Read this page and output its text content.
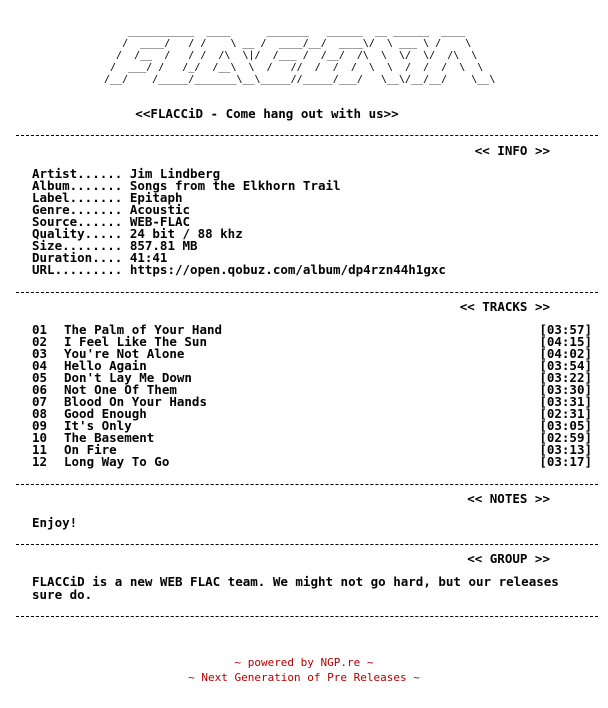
___________  ____      _______   ______  __ ______  ____
/  ____/   / /    \ __ /  ____/__/  ____\/  \ ___ \ /    \
/  /__  /   / /  /\  \|/  /___ /  /__/  /\  \  \/  \/  /\  \
/  ___/ /   /_/  /__\  \  /   //  /  /  /  \  \  /  /  /  \  \
/__/    /_____/_______\__\_____//_____/___/   \__\/__/__/    \__\
<<FLACCiD - Come hang out with us>>
<< INFO >>
Artist...... Jim Lindberg
Album....... Songs from the Elkhorn Trail
Label....... Epitaph
Genre....... Acoustic
Source...... WEB-FLAC
Quality..... 24 bit / 88 khz
Size........ 857.81 MB
Duration.... 41:41
URL......... https://open.qobuz.com/album/dp4rzn44h1gxc
<< TRACKS >>
01 The Palm of Your Hand	[03:57]
02 I Feel Like The Sun	[04:15]
03 You're Not Alone	[04:02]
04 Hello Again	[03:54]
05 Don't Lay Me Down	[03:22]
06 Not One Of Them	[03:30]
07 Blood On Your Hands	[03:31]
08 Good Enough	[02:31]
09 It's Only	[03:05]
10 The Basement	[02:59]
11 On Fire	[03:13]
12 Long Way To Go	[03:17]
<< NOTES >>
Enjoy!
<< GROUP >>
FLACCiD is a new WEB FLAC team. We might not go hard, but our releases sure do.
~ powered by NGP.re ~
~ Next Generation of Pre Releases ~
